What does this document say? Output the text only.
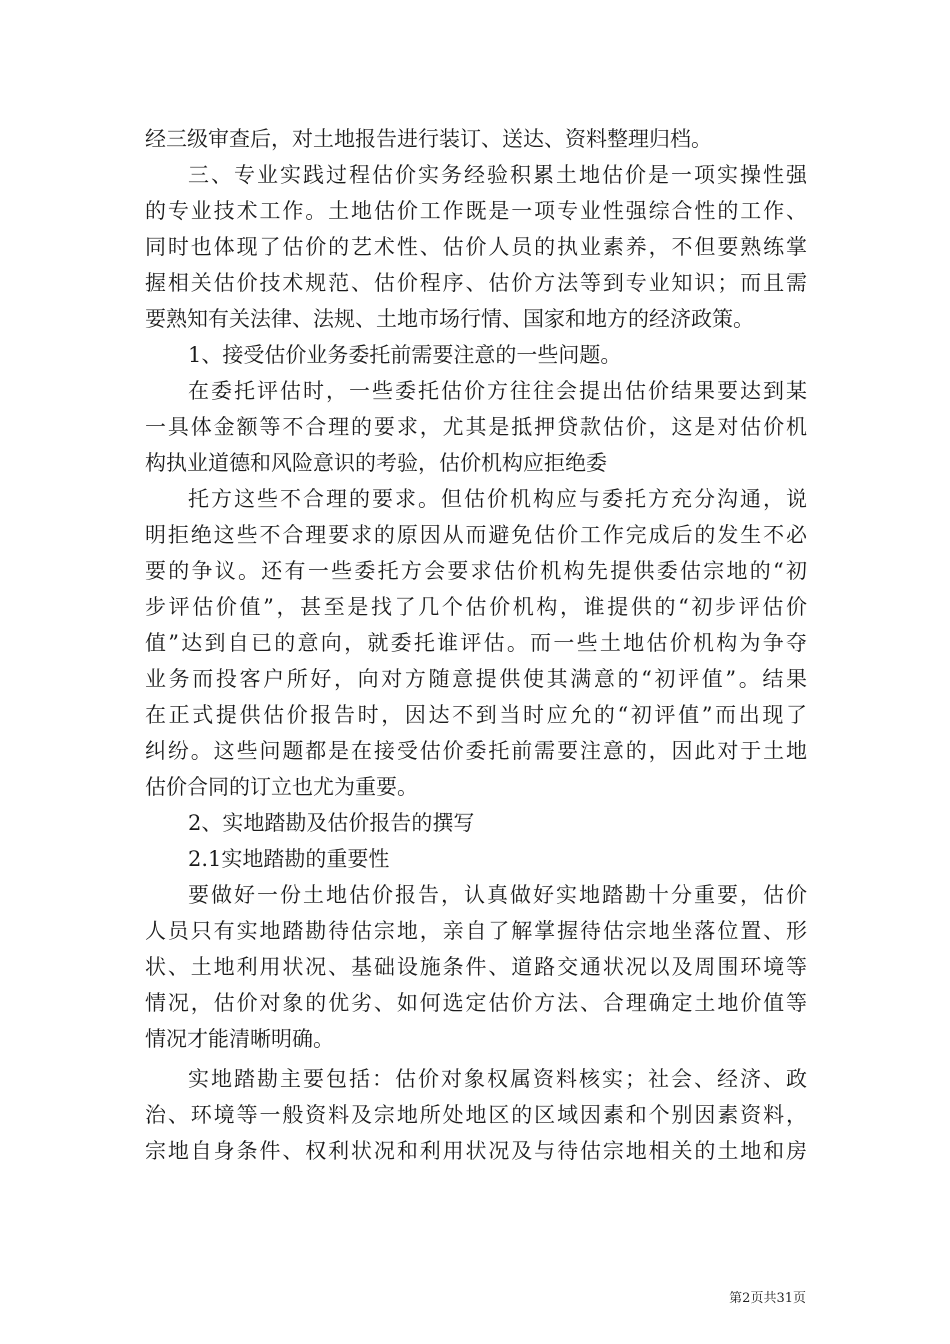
经三级审查后，对土地报告进行装订、送达、资料整理归档。
三、专业实践过程估价实务经验积累土地估价是一项实操性强
的专业技术工作。土地估价工作既是一项专业性强综合性的工作、
同时也体现了估价的艺术性、估价人员的执业素养，不但要熟练掌
握相关估价技术规范、估价程序、估价方法等到专业知识；而且需
要熟知有关法律、法规、土地市场行情、国家和地方的经济政策。
1、接受估价业务委托前需要注意的一些问题。
在委托评估时，一些委托估价方往往会提出估价结果要达到某
一具体金额等不合理的要求，尤其是抵押贷款估价，这是对估价机
构执业道德和风险意识的考验，估价机构应拒绝委
托方这些不合理的要求。但估价机构应与委托方充分沟通，说
明拒绝这些不合理要求的原因从而避免估价工作完成后的发生不必
要的争议。还有一些委托方会要求估价机构先提供委估宗地的“初
步评估价值”，甚至是找了几个估价机构，谁提供的“初步评估价
值”达到自已的意向，就委托谁评估。而一些土地估价机构为争夺
业务而投客户所好，向对方随意提供使其满意的“初评值”。结果
在正式提供估价报告时，因达不到当时应允的“初评值”而出现了
纠纷。这些问题都是在接受估价委托前需要注意的，因此对于土地
估价合同的订立也尤为重要。
2、实地踏勘及估价报告的撰写
2.1实地踏勘的重要性
要做好一份土地估价报告，认真做好实地踏勘十分重要，估价
人员只有实地踏勘待估宗地，亲自了解掌握待估宗地坐落位置、形
状、土地利用状况、基础设施条件、道路交通状况以及周围环境等
情况，估价对象的优劣、如何选定估价方法、合理确定土地价值等
情况才能清晰明确。
实地踏勘主要包括：估价对象权属资料核实；社会、经济、政
治、环境等一般资料及宗地所处地区的区域因素和个别因素资料，
宗地自身条件、权利状况和利用状况及与待估宗地相关的土地和房
第2页共31页
